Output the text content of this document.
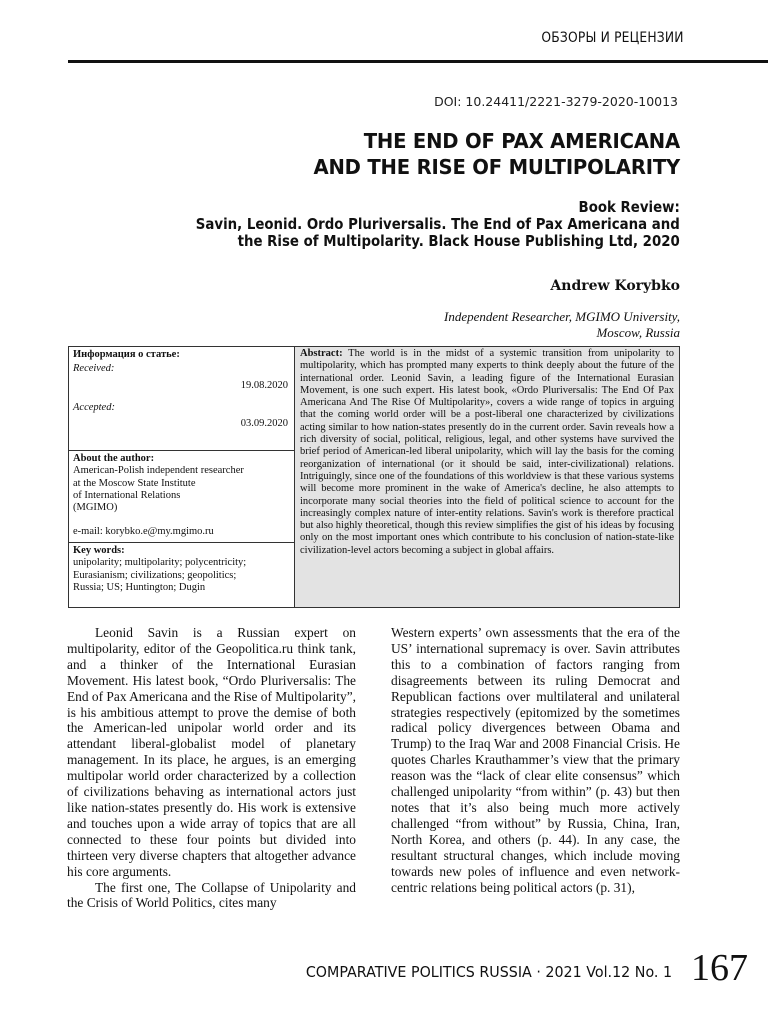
ОБЗОРЫ И РЕЦЕНЗИИ
DOI: 10.24411/2221-3279-2020-10013
THE END OF PAX AMERICANA
AND THE RISE OF MULTIPOLARITY
Book Review:
Savin, Leonid. Ordo Pluriversalis. The End of Pax Americana and
the Rise of Multipolarity. Black House Publishing Ltd, 2020
Andrew Korybko
Independent Researcher, MGIMO University,
Moscow, Russia
Информация о статье:
Received:
19.08.2020
Accepted:
03.09.2020
About the author:
American-Polish independent researcher
at the Moscow State Institute
of International Relations
(MGIMO)
e-mail: korybko.e@my.mgimo.ru
Key words:
unipolarity; multipolarity; polycentricity;
Eurasianism; civilizations; geopolitics;
Russia; US; Huntington; Dugin
Abstract: The world is in the midst of a systemic transition from unipolarity to multipolarity, which has prompted many experts to think deeply about the future of the international order. Leonid Savin, a leading figure of the International Eurasian Movement, is one such expert. His latest book, «Ordo Pluriversalis: The End Of Pax Americana And The Rise Of Multipolarity», covers a wide range of topics in arguing that the coming world order will be a post-liberal one characterized by civilizations acting similar to how nation-states presently do in the current order. Savin reveals how a rich diversity of social, political, religious, legal, and other systems have survived the brief period of American-led liberal unipolarity, which will lay the basis for the coming reorganization of international (or it should be said, inter-civilizational) relations. Intriguingly, since one of the foundations of this worldview is that these various systems will become more prominent in the wake of America's decline, he also attempts to incorporate many social theories into the field of political science to account for the increasingly complex nature of inter-entity relations. Savin's work is therefore practical but also highly theoretical, though this review simplifies the gist of his ideas by focusing only on the most important ones which contribute to his conclusion of nation-state-like civilization-level actors becoming a subject in global affairs.

Leonid Savin is a Russian expert on multipolarity, editor of the Geopolitica.ru think tank, and a thinker of the International Eurasian Movement. His latest book, “Ordo Pluriversalis: The End of Pax Americana and the Rise of Multipolarity”, is his ambitious attempt to prove the demise of both the American-led unipolar world order and its attendant liberal-globalist model of planetary management. In its place, he argues, is an emerging multipolar world order characterized by a collection of civilizations behaving as international actors just like nation-states presently do. His work is extensive and touches upon a wide array of topics that are all connected to these four points but divided into thirteen very diverse chapters that altogether advance his core arguments.

The first one, The Collapse of Unipolarity and the Crisis of World Politics, cites many

Western experts’ own assessments that the era of the US’ international supremacy is over. Savin attributes this to a combination of factors ranging from disagreements between its ruling Democrat and Republican factions over multilateral and unilateral strategies respectively (epitomized by the sometimes radical policy divergences between Obama and Trump) to the Iraq War and 2008 Financial Crisis. He quotes Charles Krauthammer’s view that the primary reason was the “lack of clear elite consensus” which challenged unipolarity “from within” (p. 43) but then notes that it’s also being much more actively challenged “from without” by Russia, China, Iran, North Korea, and others (p. 44). In any case, the resultant structural changes, which include moving towards new poles of influence and even network-centric relations being political actors (p. 31),

COMPARATIVE POLITICS RUSSIA · 2021 Vol.12 No. 1 167
